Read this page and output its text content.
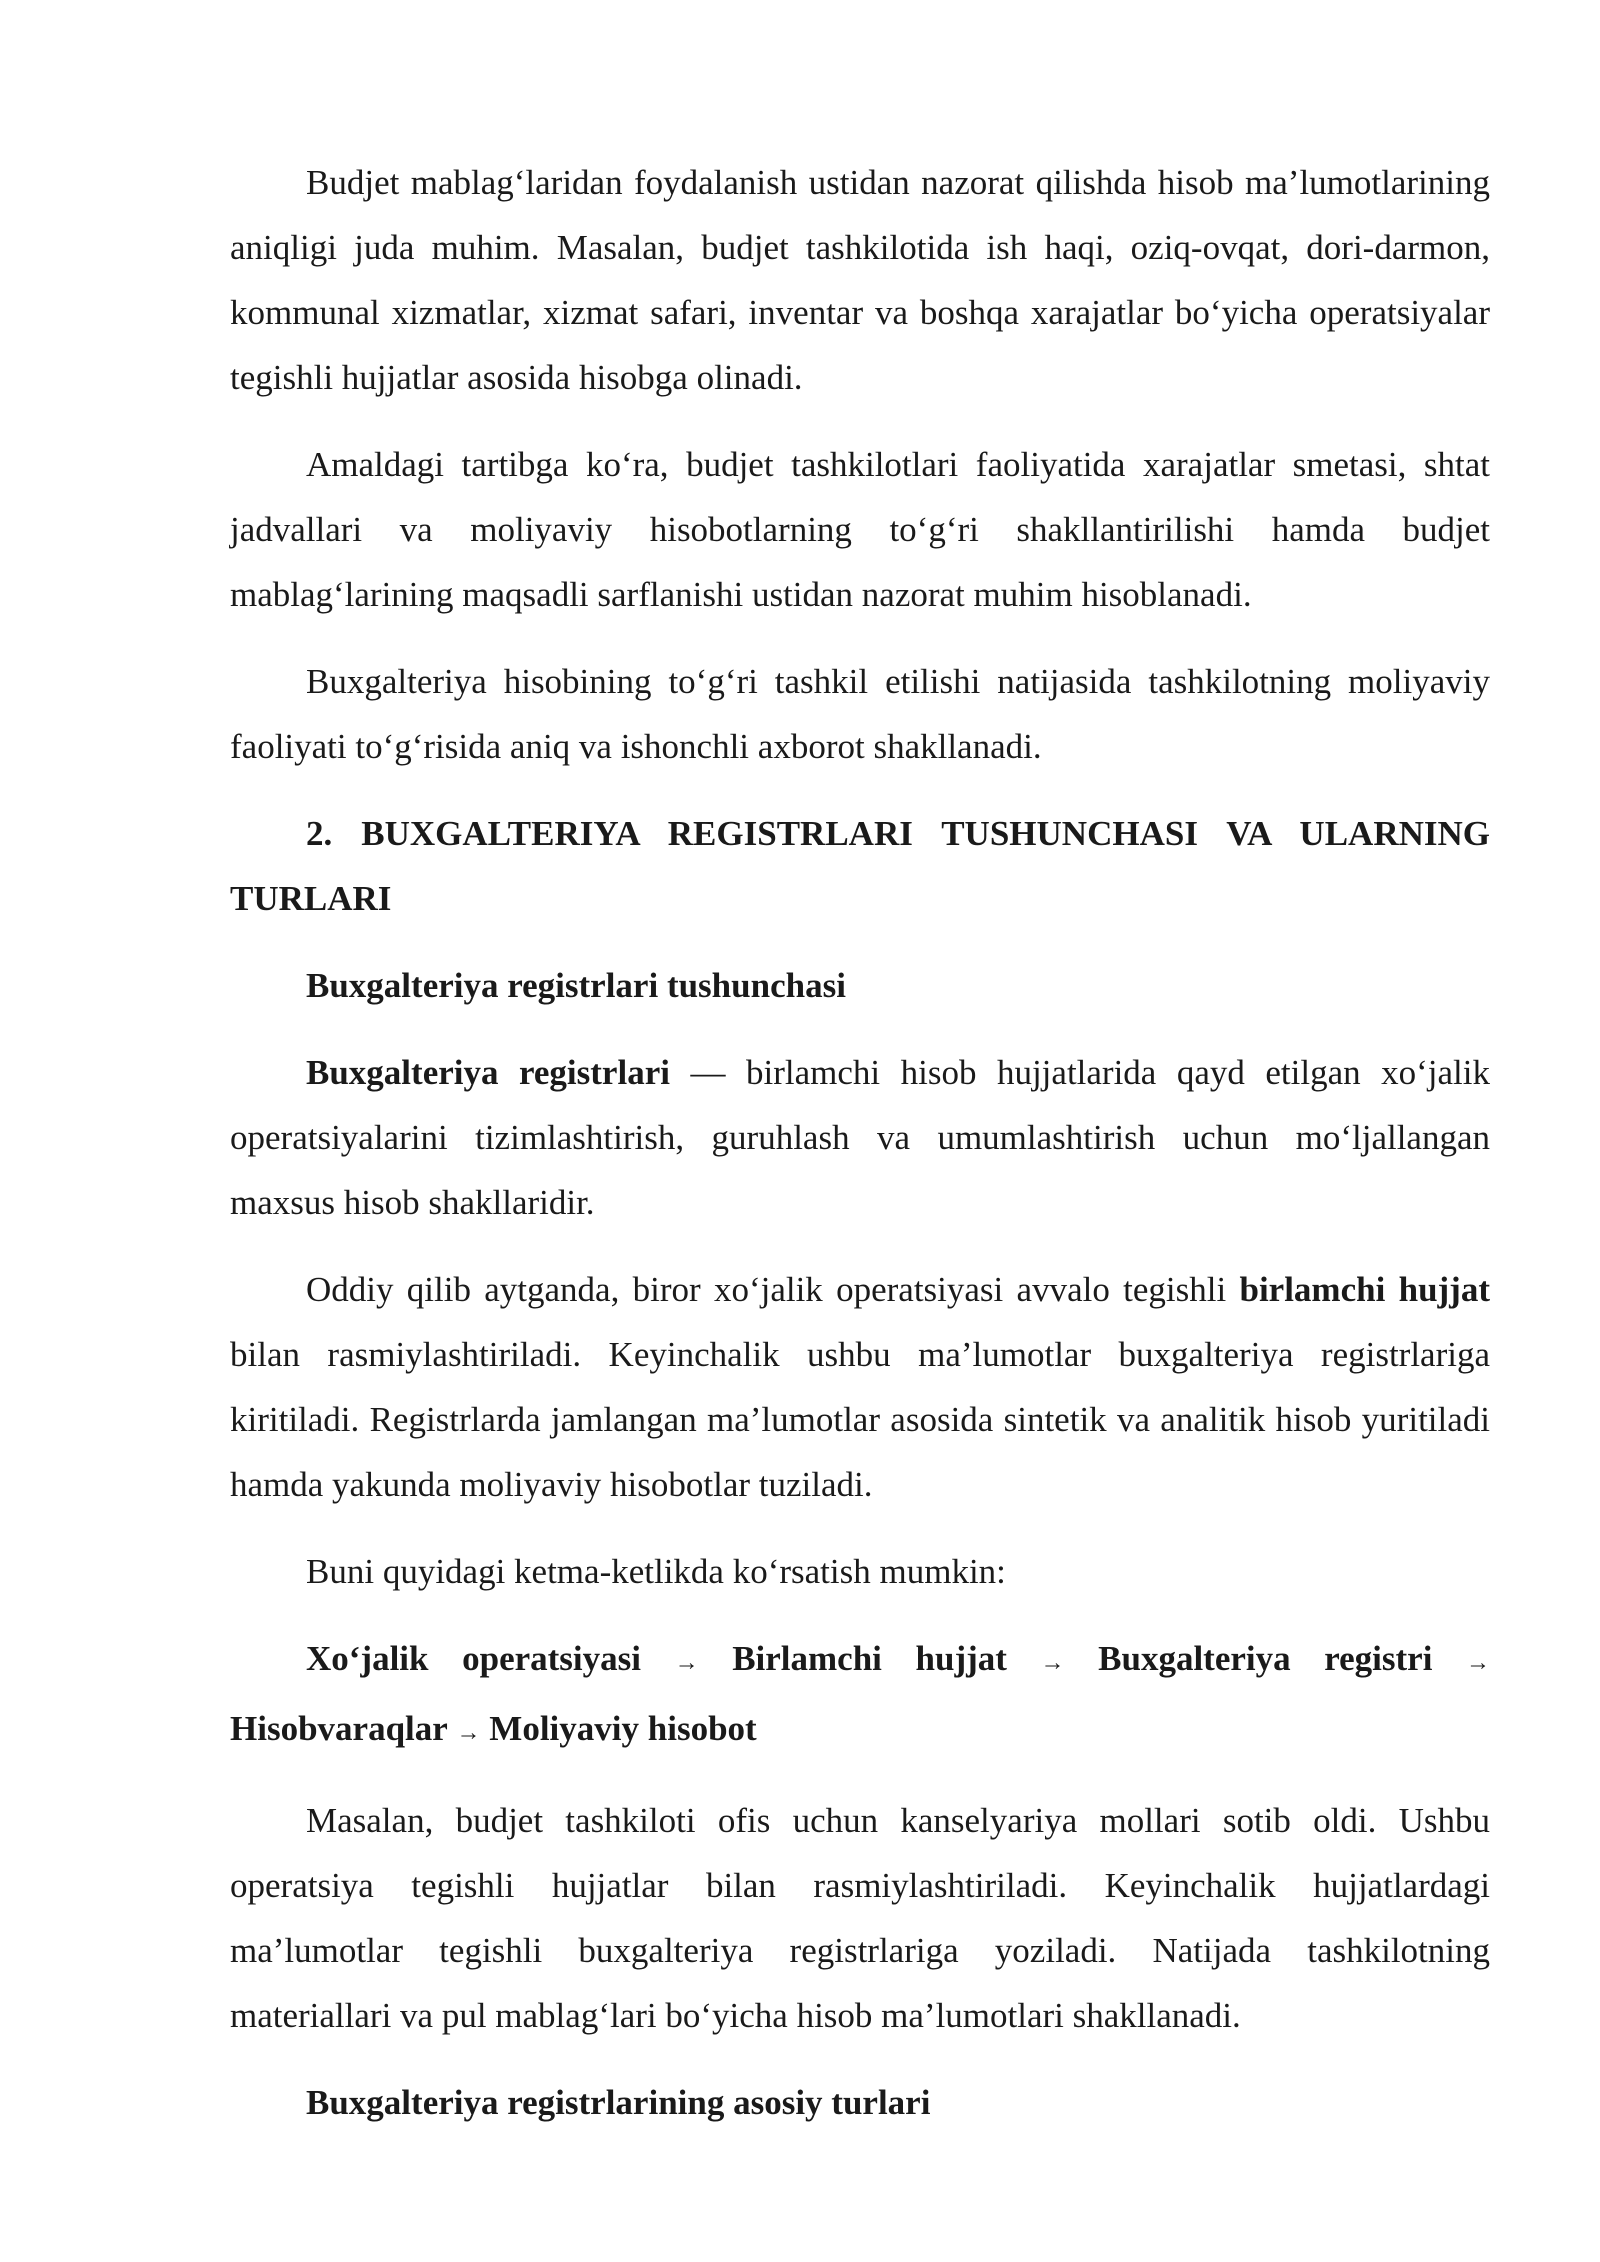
Budjet mablag‘laridan foydalanish ustidan nazorat qilishda hisob ma’lumotlarining aniqligi juda muhim. Masalan, budjet tashkilotida ish haqi, oziq-ovqat, dori-darmon, kommunal xizmatlar, xizmat safari, inventar va boshqa xarajatlar bo‘yicha operatsiyalar tegishli hujjatlar asosida hisobga olinadi.

Amaldagi tartibga ko‘ra, budjet tashkilotlari faoliyatida xarajatlar smetasi, shtat jadvallari va moliyaviy hisobotlarning to‘g‘ri shakllantirilishi hamda budjet mablag‘larining maqsadli sarflanishi ustidan nazorat muhim hisoblanadi.

Buxgalteriya hisobining to‘g‘ri tashkil etilishi natijasida tashkilotning moliyaviy faoliyati to‘g‘risida aniq va ishonchli axborot shakllanadi.

2. BUXGALTERIYA REGISTRLARI TUSHUNCHASI VA ULARNING TURLARI

Buxgalteriya registrlari tushunchasi

Buxgalteriya registrlari — birlamchi hisob hujjatlarida qayd etilgan xo‘jalik operatsiyalarini tizimlashtirish, guruhlash va umumlashtirish uchun mo‘ljallangan maxsus hisob shakllaridir.

Oddiy qilib aytganda, biror xo‘jalik operatsiyasi avvalo tegishli birlamchi hujjat bilan rasmiylashtiriladi. Keyinchalik ushbu ma’lumotlar buxgalteriya registrlariga kiritiladi. Registrlarda jamlangan ma’lumotlar asosida sintetik va analitik hisob yuritiladi hamda yakunda moliyaviy hisobotlar tuziladi.

Buni quyidagi ketma-ketlikda ko‘rsatish mumkin:

Xo‘jalik operatsiyasi → Birlamchi hujjat → Buxgalteriya registri → Hisobvaraqlar → Moliyaviy hisobot

Masalan, budjet tashkiloti ofis uchun kanselyariya mollari sotib oldi. Ushbu operatsiya tegishli hujjatlar bilan rasmiylashtiriladi. Keyinchalik hujjatlardagi ma’lumotlar tegishli buxgalteriya registrlariga yoziladi. Natijada tashkilotning materiallari va pul mablag‘lari bo‘yicha hisob ma’lumotlari shakllanadi.

Buxgalteriya registrlarining asosiy turlari
